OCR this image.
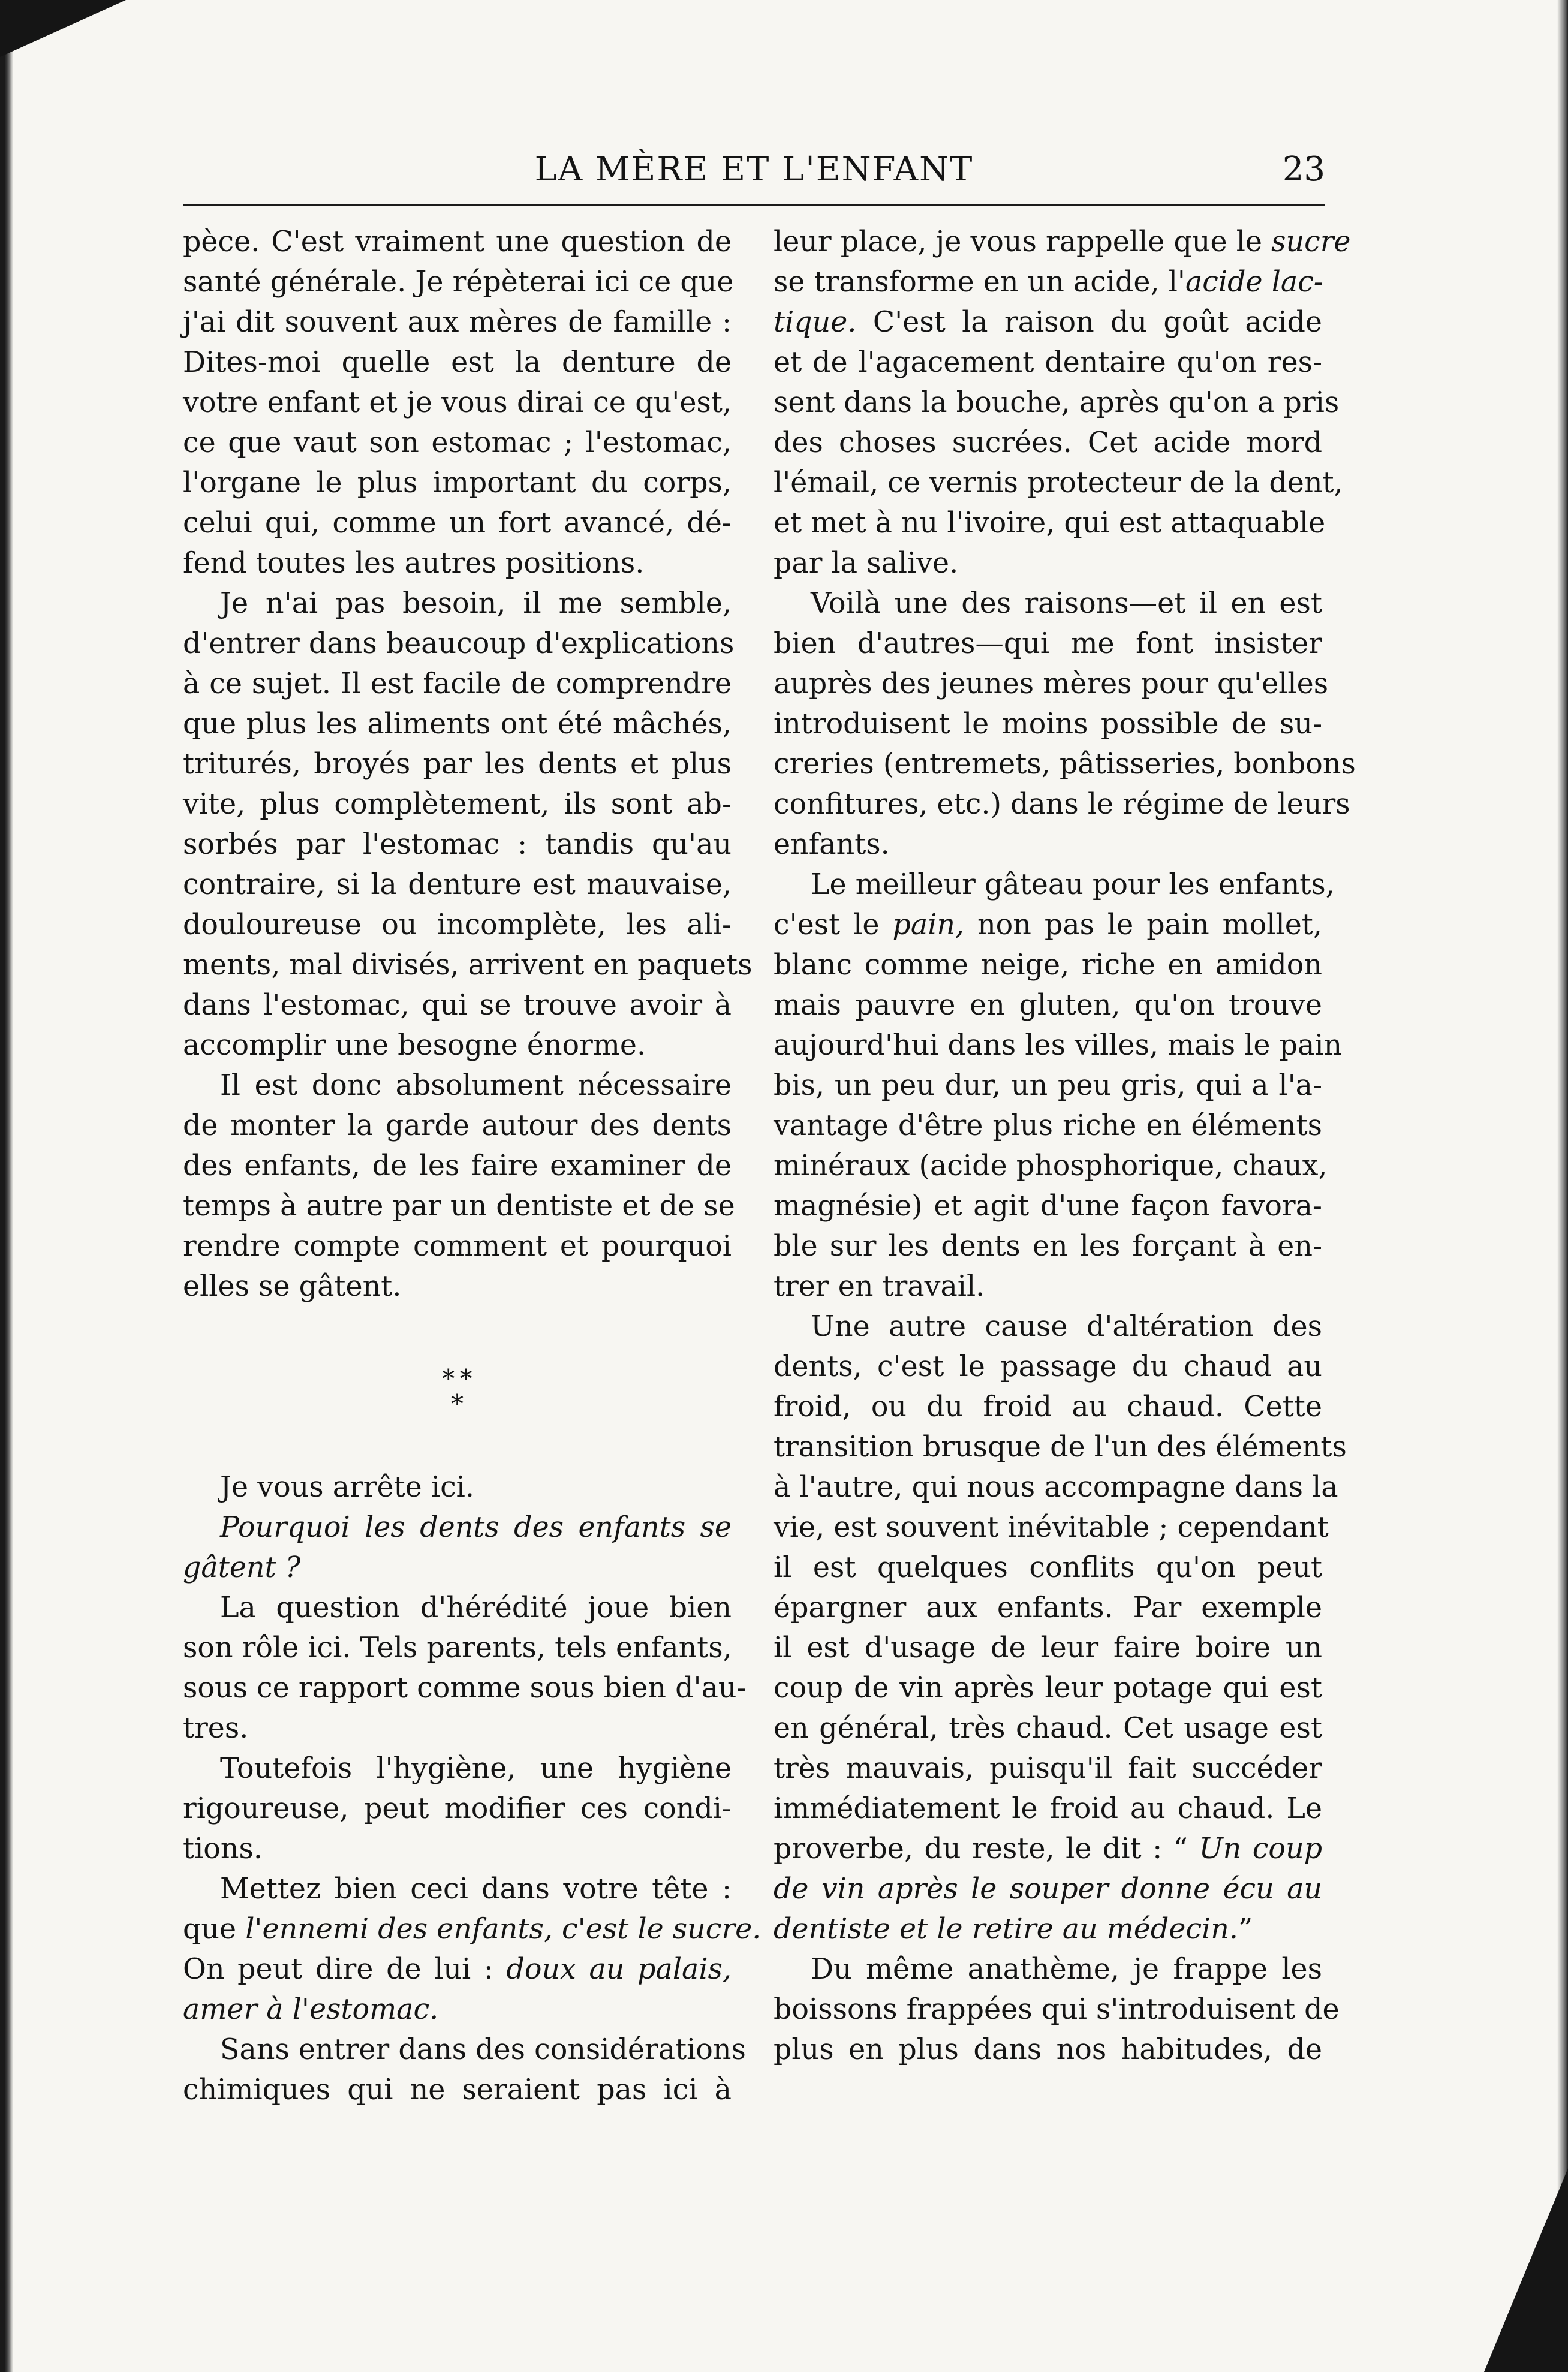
LA MÈRE ET L'ENFANT	23
pèce. C'est vraiment une question de
santé générale. Je répèterai ici ce que
j'ai dit souvent aux mères de famille :
Dites-moi quelle est la denture de
votre enfant et je vous dirai ce qu'est,
ce que vaut son estomac ; l'estomac,
l'organe le plus important du corps,
celui qui, comme un fort avancé, dé-
fend toutes les autres positions.
Je n'ai pas besoin, il me semble,
d'entrer dans beaucoup d'explications
à ce sujet. Il est facile de comprendre
que plus les aliments ont été mâchés,
triturés, broyés par les dents et plus
vite, plus complètement, ils sont ab-
sorbés par l'estomac : tandis qu'au
contraire, si la denture est mauvaise,
douloureuse ou incomplète, les ali-
ments, mal divisés, arrivent en paquets
dans l'estomac, qui se trouve avoir à
accomplir une besogne énorme.
Il est donc absolument nécessaire
de monter la garde autour des dents
des enfants, de les faire examiner de
temps à autre par un dentiste et de se
rendre compte comment et pourquoi
elles se gâtent.
* *
*
Je vous arrête ici.
Pourquoi les dents des enfants se
gâtent ?
La question d'hérédité joue bien
son rôle ici. Tels parents, tels enfants,
sous ce rapport comme sous bien d'au-
tres.
Toutefois l'hygiène, une hygiène
rigoureuse, peut modifier ces condi-
tions.
Mettez bien ceci dans votre tête :
que l'ennemi des enfants, c'est le sucre.
On peut dire de lui : doux au palais,
amer à l'estomac.
Sans entrer dans des considérations
chimiques qui ne seraient pas ici à
leur place, je vous rappelle que le sucre
se transforme en un acide, l'acide lac-
tique. C'est la raison du goût acide
et de l'agacement dentaire qu'on res-
sent dans la bouche, après qu'on a pris
des choses sucrées. Cet acide mord
l'émail, ce vernis protecteur de la dent,
et met à nu l'ivoire, qui est attaquable
par la salive.
Voilà une des raisons—et il en est
bien d'autres—qui me font insister
auprès des jeunes mères pour qu'elles
introduisent le moins possible de su-
creries (entremets, pâtisseries, bonbons
confitures, etc.) dans le régime de leurs
enfants.
Le meilleur gâteau pour les enfants,
c'est le pain, non pas le pain mollet,
blanc comme neige, riche en amidon
mais pauvre en gluten, qu'on trouve
aujourd'hui dans les villes, mais le pain
bis, un peu dur, un peu gris, qui a l'a-
vantage d'être plus riche en éléments
minéraux (acide phosphorique, chaux,
magnésie) et agit d'une façon favora-
ble sur les dents en les forçant à en-
trer en travail.
Une autre cause d'altération des
dents, c'est le passage du chaud au
froid, ou du froid au chaud. Cette
transition brusque de l'un des éléments
à l'autre, qui nous accompagne dans la
vie, est souvent inévitable ; cependant
il est quelques conflits qu'on peut
épargner aux enfants. Par exemple
il est d'usage de leur faire boire un
coup de vin après leur potage qui est
en général, très chaud. Cet usage est
très mauvais, puisqu'il fait succéder
immédiatement le froid au chaud. Le
proverbe, du reste, le dit : “ Un coup
de vin après le souper donne écu au
dentiste et le retire au médecin.”
Du même anathème, je frappe les
boissons frappées qui s'introduisent de
plus en plus dans nos habitudes, de
